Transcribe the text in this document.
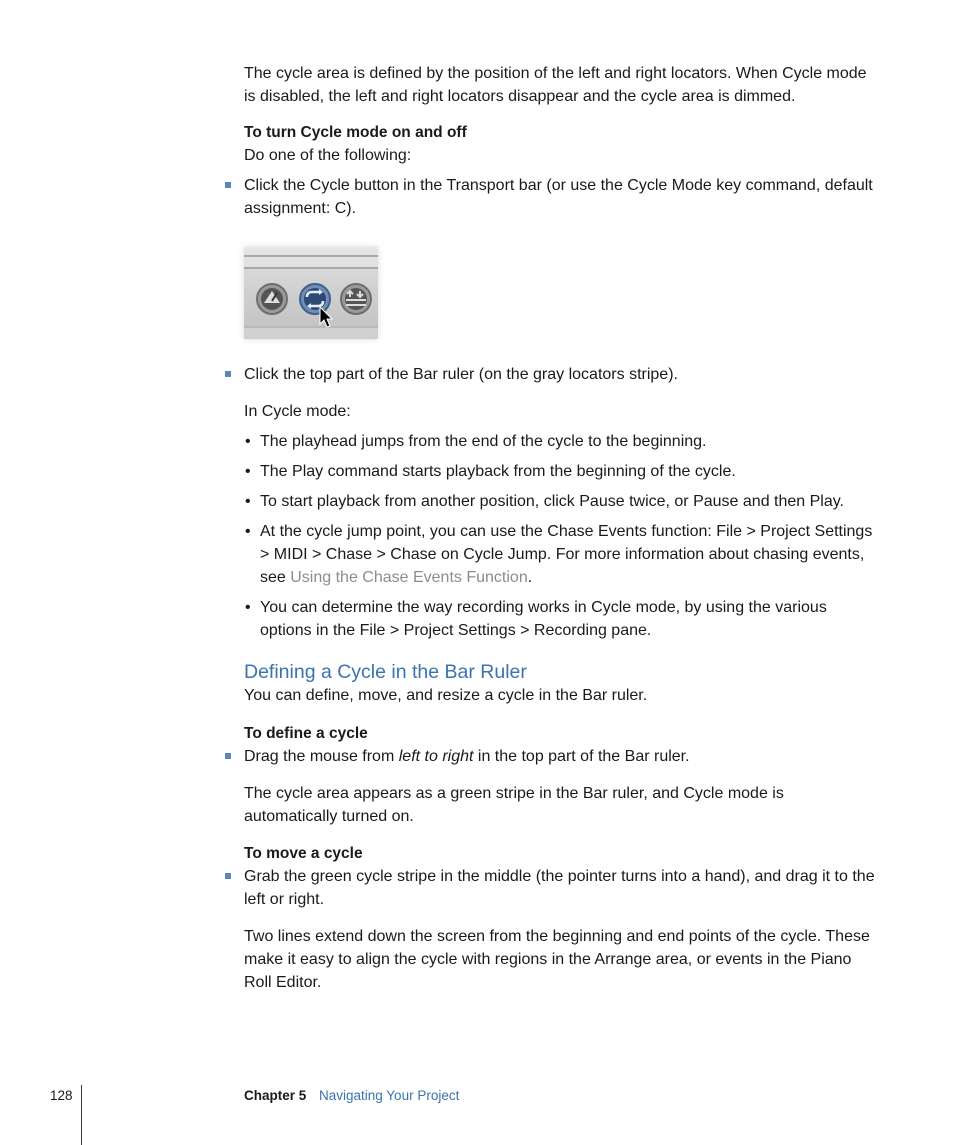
The cycle area is defined by the position of the left and right locators. When Cycle mode is disabled, the left and right locators disappear and the cycle area is dimmed.

To turn Cycle mode on and off

Do one of the following:

Click the Cycle button in the Transport bar (or use the Cycle Mode key command, default assignment: C).

Click the top part of the Bar ruler (on the gray locators stripe).

In Cycle mode:

• The playhead jumps from the end of the cycle to the beginning.
• The Play command starts playback from the beginning of the cycle.
• To start playback from another position, click Pause twice, or Pause and then Play.
• At the cycle jump point, you can use the Chase Events function: File > Project Settings > MIDI > Chase > Chase on Cycle Jump. For more information about chasing events, see Using the Chase Events Function.
• You can determine the way recording works in Cycle mode, by using the various options in the File > Project Settings > Recording pane.
Defining a Cycle in the Bar Ruler

You can define, move, and resize a cycle in the Bar ruler.

To define a cycle

Drag the mouse from left to right in the top part of the Bar ruler.

The cycle area appears as a green stripe in the Bar ruler, and Cycle mode is automatically turned on.

To move a cycle

Grab the green cycle stripe in the middle (the pointer turns into a hand), and drag it to the left or right.

Two lines extend down the screen from the beginning and end points of the cycle. These make it easy to align the cycle with regions in the Arrange area, or events in the Piano Roll Editor.

128	Chapter 5 Navigating Your Project
